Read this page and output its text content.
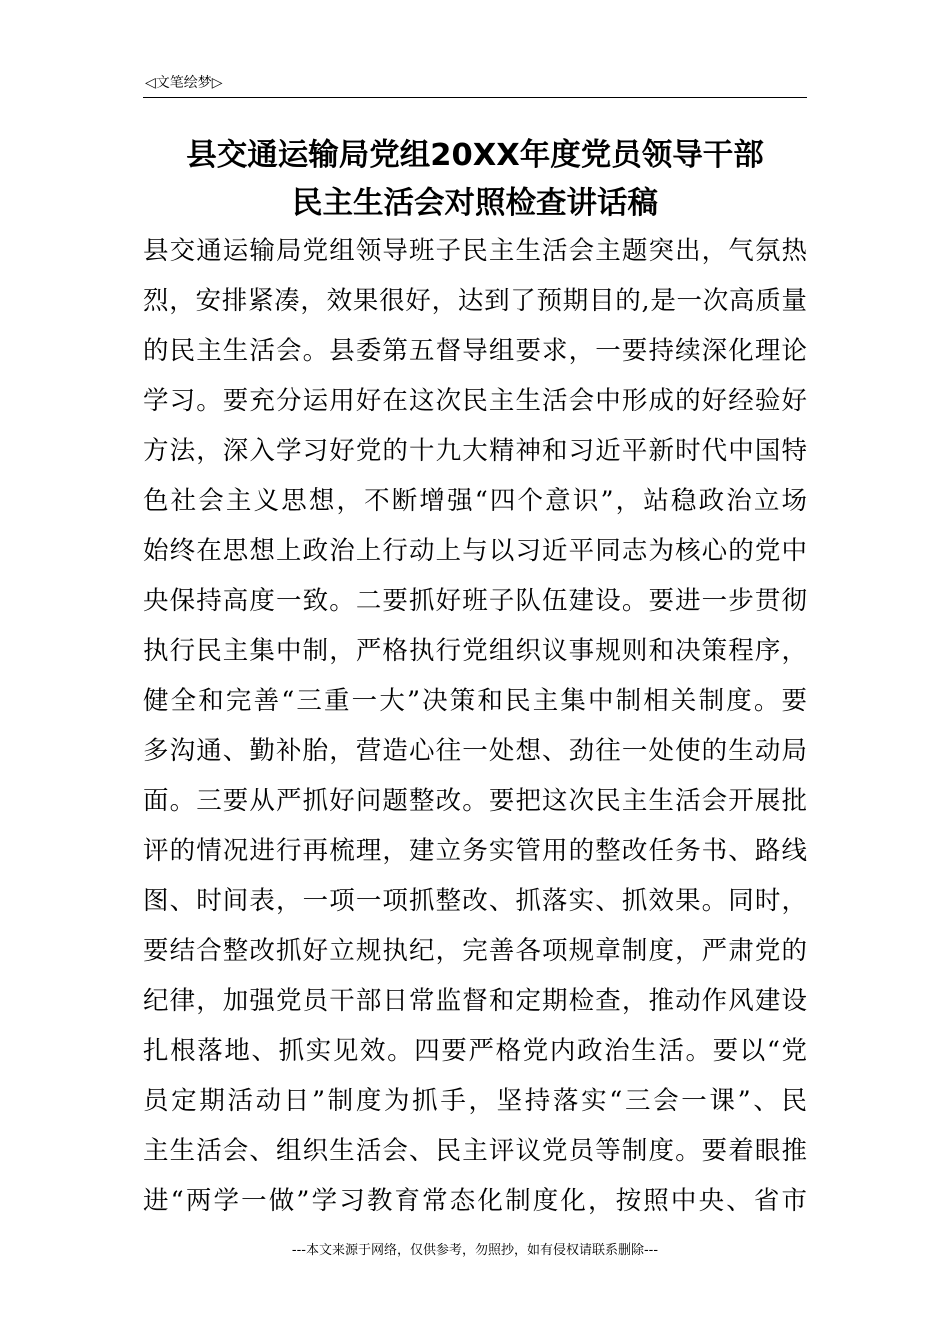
◁文笔绘梦▷
县交通运输局党组20XX年度党员领导干部
民主生活会对照检查讲话稿
县交通运输局党组领导班子民主生活会主题突出，气氛热
烈，安排紧凑，效果很好，达到了预期目的,是一次高质量
的民主生活会。县委第五督导组要求，一要持续深化理论
学习。要充分运用好在这次民主生活会中形成的好经验好
方法，深入学习好党的十九大精神和习近平新时代中国特
色社会主义思想，不断增强“四个意识”，站稳政治立场
始终在思想上政治上行动上与以习近平同志为核心的党中
央保持高度一致。二要抓好班子队伍建设。要进一步贯彻
执行民主集中制，严格执行党组织议事规则和决策程序，
健全和完善“三重一大”决策和民主集中制相关制度。要
多沟通、勤补胎，营造心往一处想、劲往一处使的生动局
面。三要从严抓好问题整改。要把这次民主生活会开展批
评的情况进行再梳理，建立务实管用的整改任务书、路线
图、时间表，一项一项抓整改、抓落实、抓效果。同时，
要结合整改抓好立规执纪，完善各项规章制度，严肃党的
纪律，加强党员干部日常监督和定期检查，推动作风建设
扎根落地、抓实见效。四要严格党内政治生活。要以“党
员定期活动日”制度为抓手，坚持落实“三会一课”、民
主生活会、组织生活会、民主评议党员等制度。要着眼推
进“两学一做”学习教育常态化制度化，按照中央、省市
---本文来源于网络，仅供参考，勿照抄，如有侵权请联系删除---
